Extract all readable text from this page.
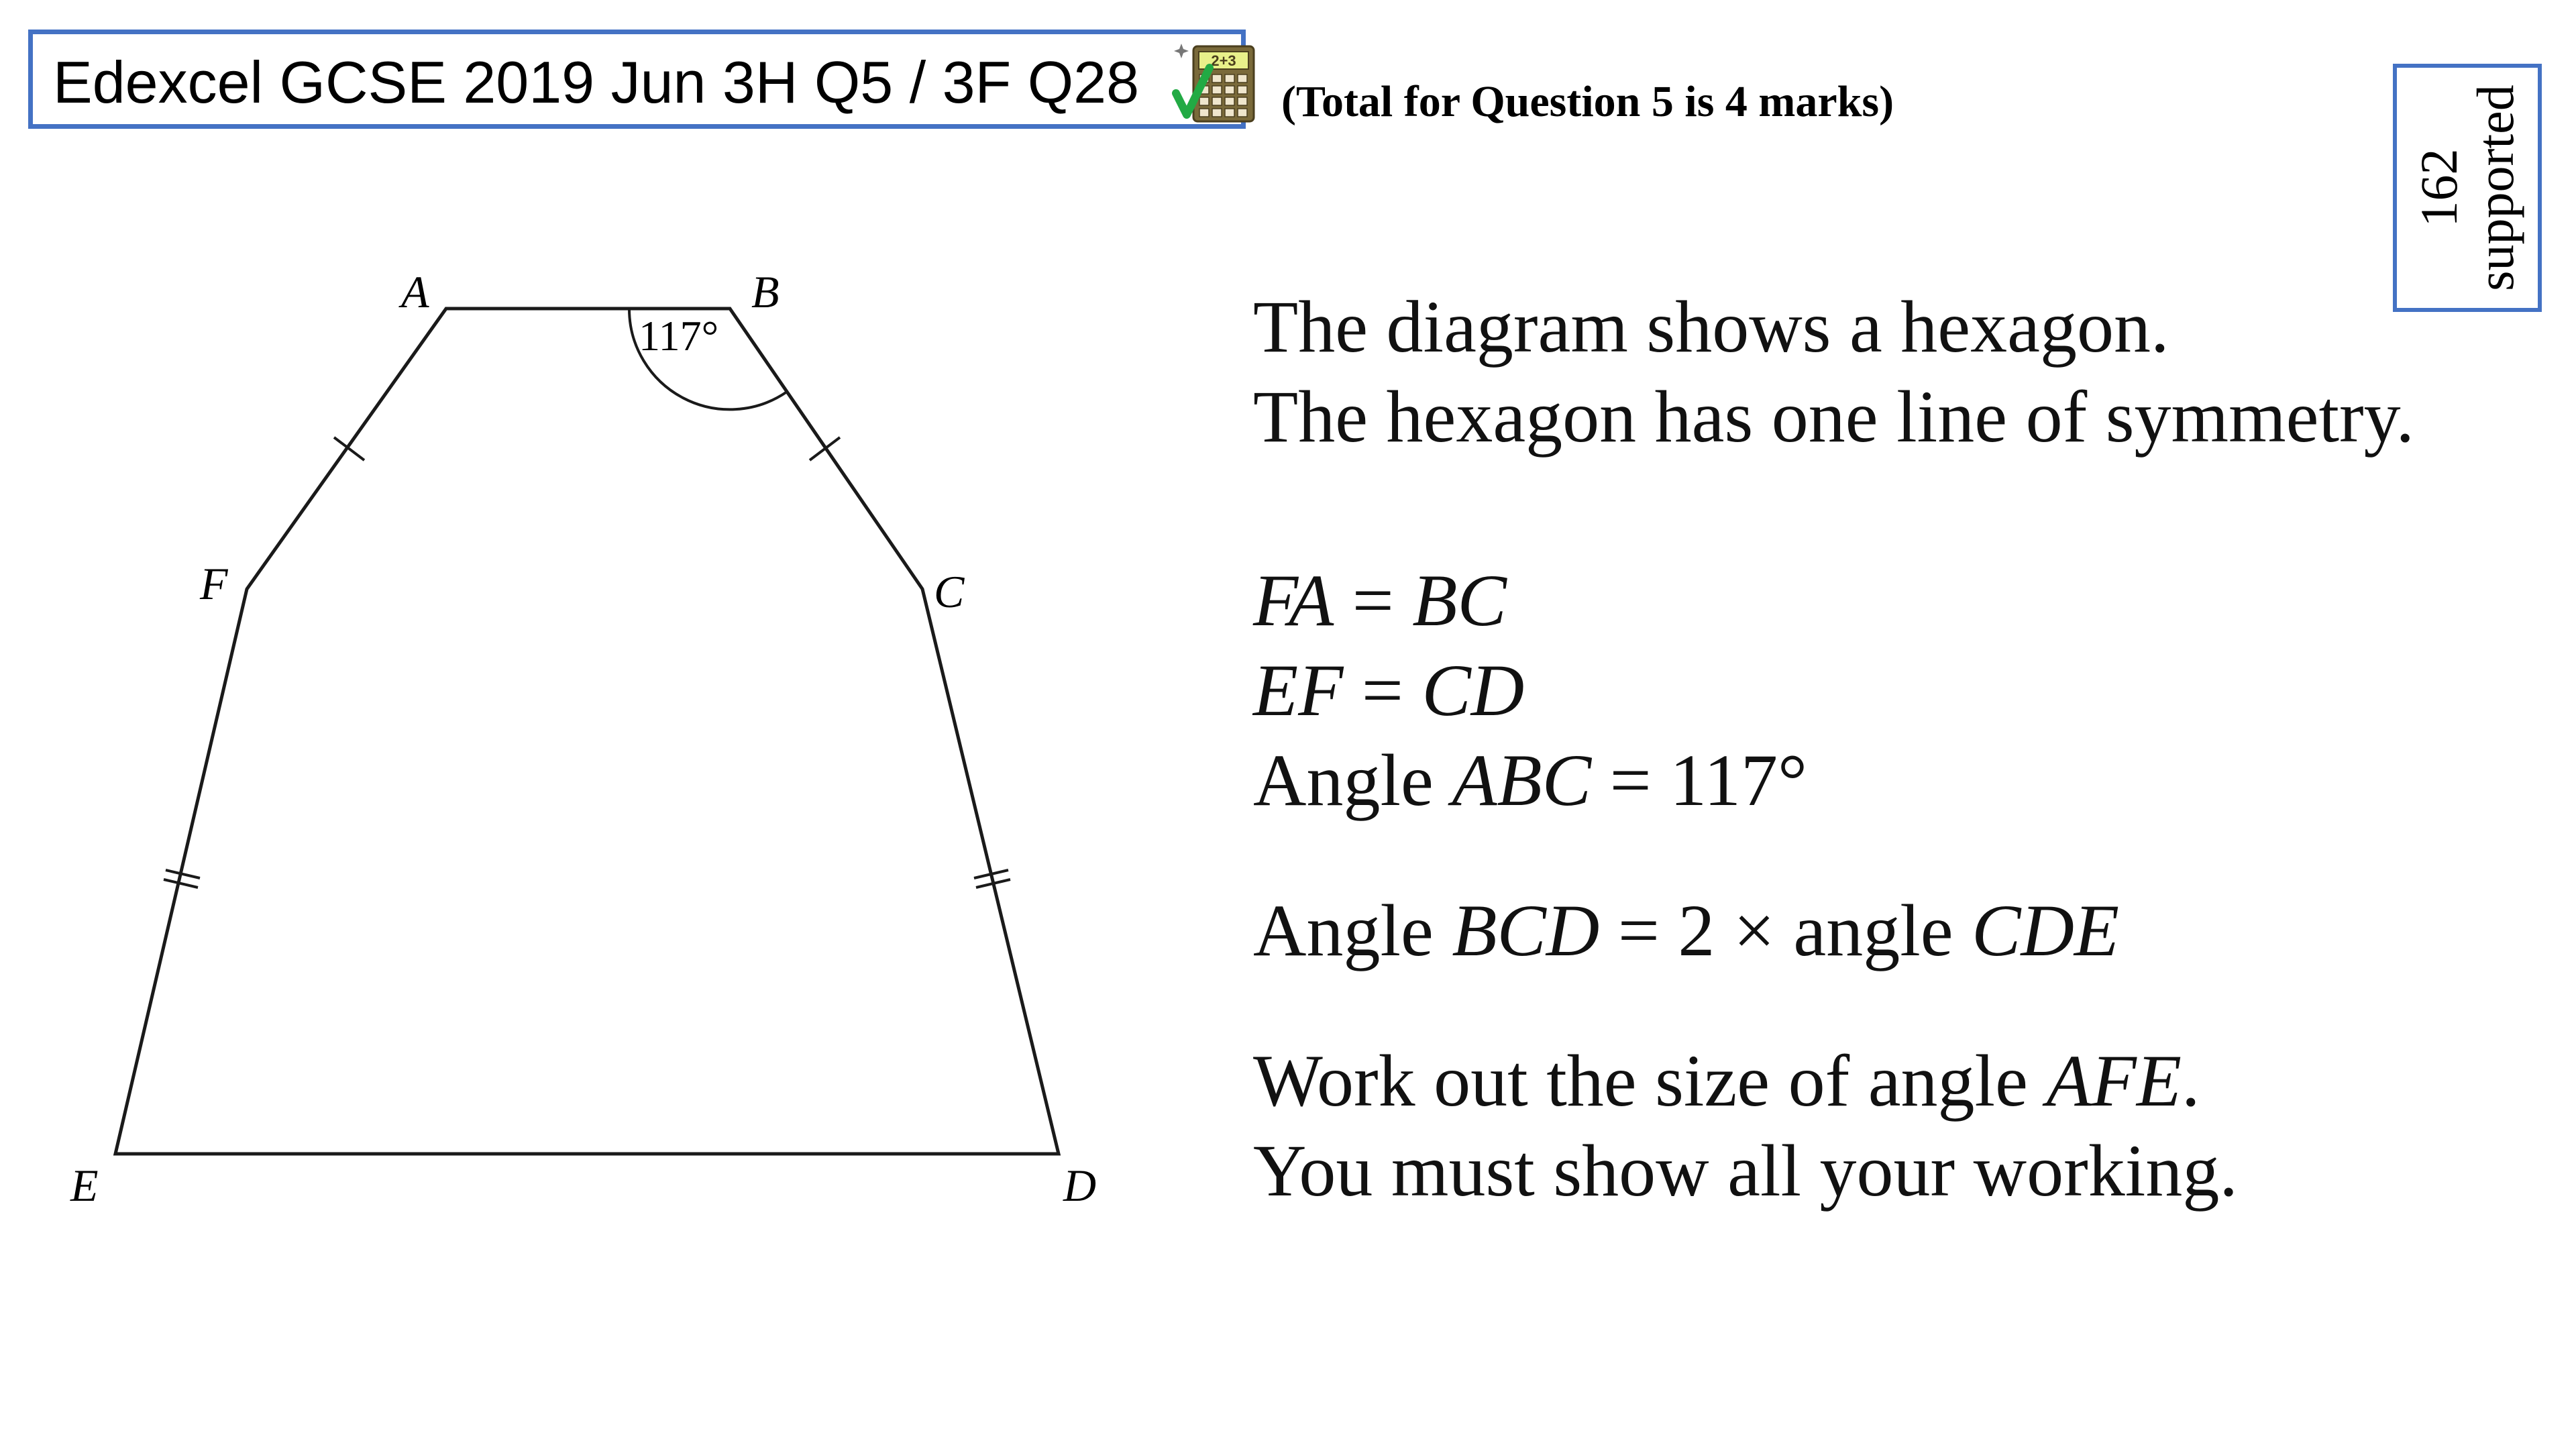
Edexcel GCSE 2019 Jun 3H Q5 / 3F Q28	2+3
(Total for Question 5 is 4 marks)
162
supported
A	B
C
D
E
F
117°	The diagram shows a hexagon.
The hexagon has one line of symmetry.
FA = BC
EF = CD
Angle ABC = 117°
Angle BCD = 2 × angle CDE
Work out the size of angle AFE.
You must show all your working.
